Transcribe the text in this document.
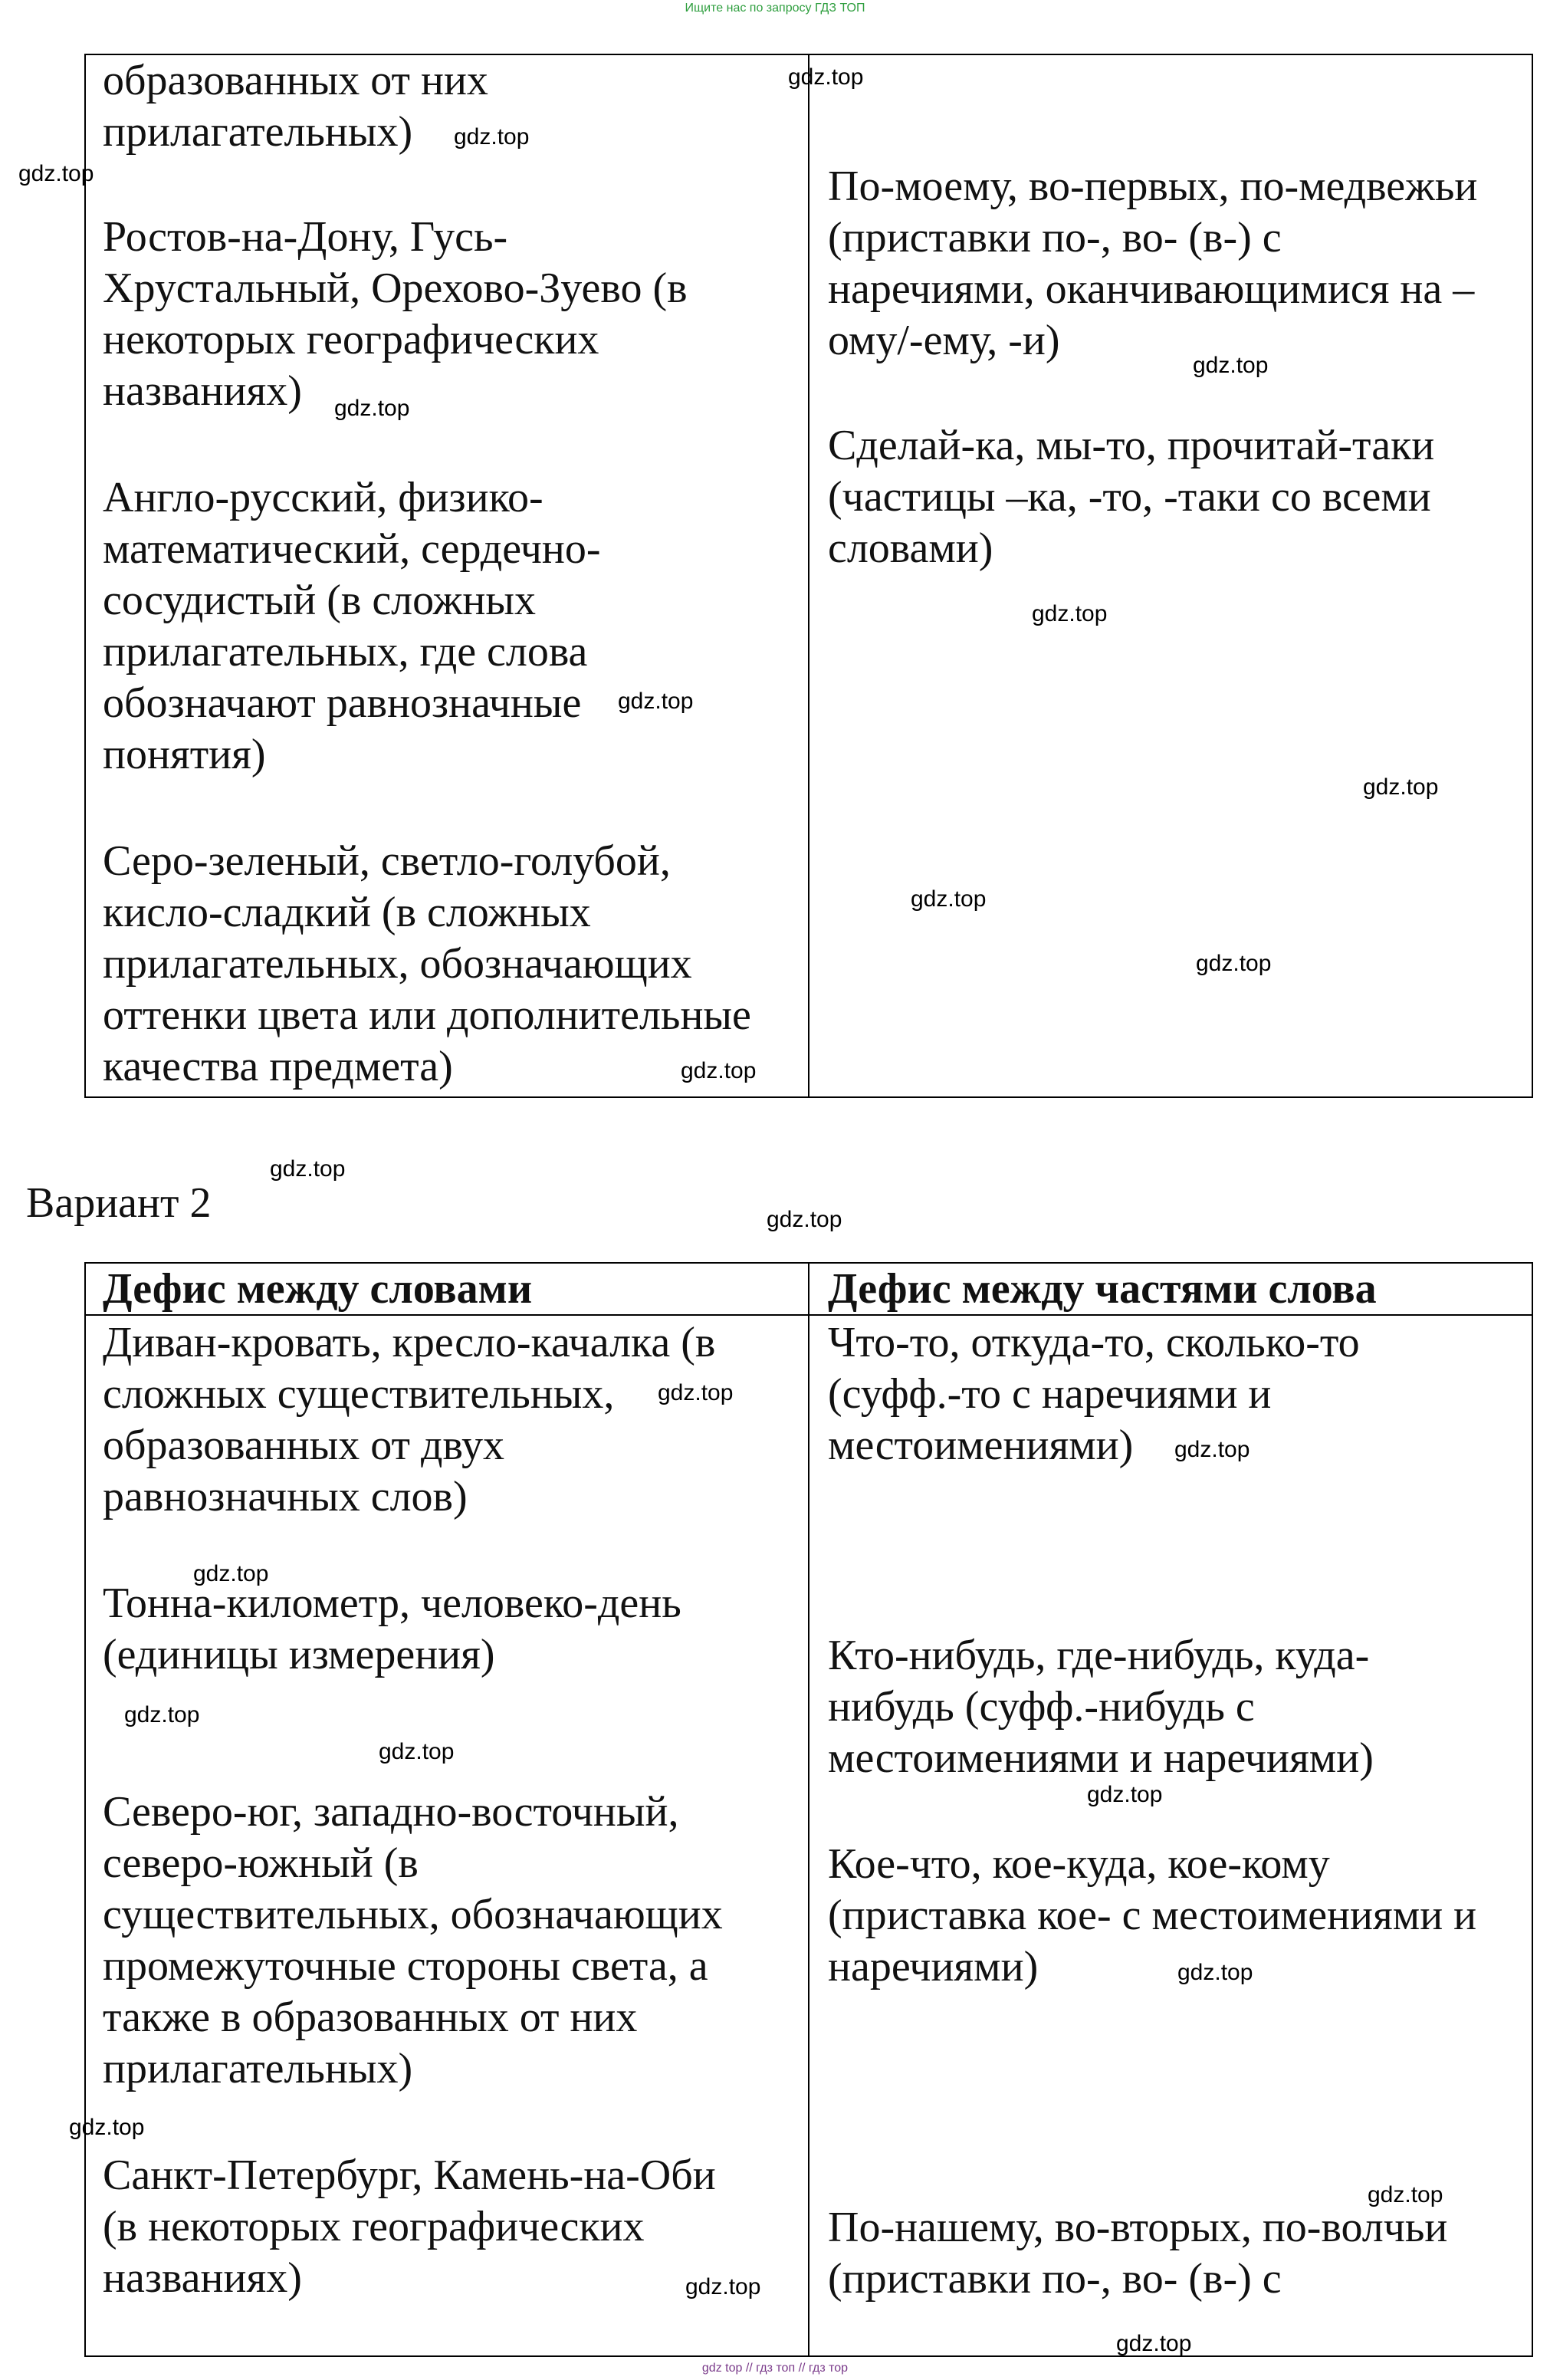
Ищите нас по запросу ГДЗ ТОП

образованных от них
прилагательных)

Ростов-на-Дону, Гусь-
Хрустальный, Орехово-Зуево (в
некоторых географических
названиях)

Англо-русский, физико-
математический, сердечно-
сосудистый (в сложных
прилагательных, где слова
обозначают равнозначные
понятия)

Серо-зеленый, светло-голубой,
кисло-сладкий (в сложных
прилагательных, обозначающих
оттенки цвета или дополнительные
качества предмета)

По-моему, во-первых, по-медвежьи
(приставки по-, во- (в-) с
наречиями, оканчивающимися на –
ому/-ему, -и)

Сделай-ка, мы-то, прочитай-таки
(частицы –ка, -то, -таки со всеми
словами)

Вариант 2
Дефис между словами	Дефис между частями слова

Диван-кровать, кресло-качалка (в
сложных существительных,
образованных от двух
равнозначных слов)

Тонна-километр, человеко-день
(единицы измерения)

Северо-юг, западно-восточный,
северо-южный (в
существительных, обозначающих
промежуточные стороны света, а
также в образованных от них
прилагательных)

Санкт-Петербург, Камень-на-Оби
(в некоторых географических
названиях)

Что-то, откуда-то, сколько-то
(суфф.-то с наречиями и
местоимениями)

Кто-нибудь, где-нибудь, куда-
нибудь (суфф.-нибудь с
местоимениями и наречиями)

Кое-что, кое-куда, кое-кому
(приставка кое- с местоимениями и
наречиями)

По-нашему, во-вторых, по-волчьи
(приставки по-, во- (в-) с

gdz.top
gdz.top
gdz.top
gdz.top
gdz.top
gdz.top
gdz.top
gdz.top
gdz.top
gdz.top
gdz.top
gdz.top
gdz.top
gdz.top
gdz.top
gdz.top
gdz.top
gdz.top
gdz.top
gdz.top
gdz.top
gdz.top
gdz.top
gdz.top
gdz top // гдз топ // гдз тор
